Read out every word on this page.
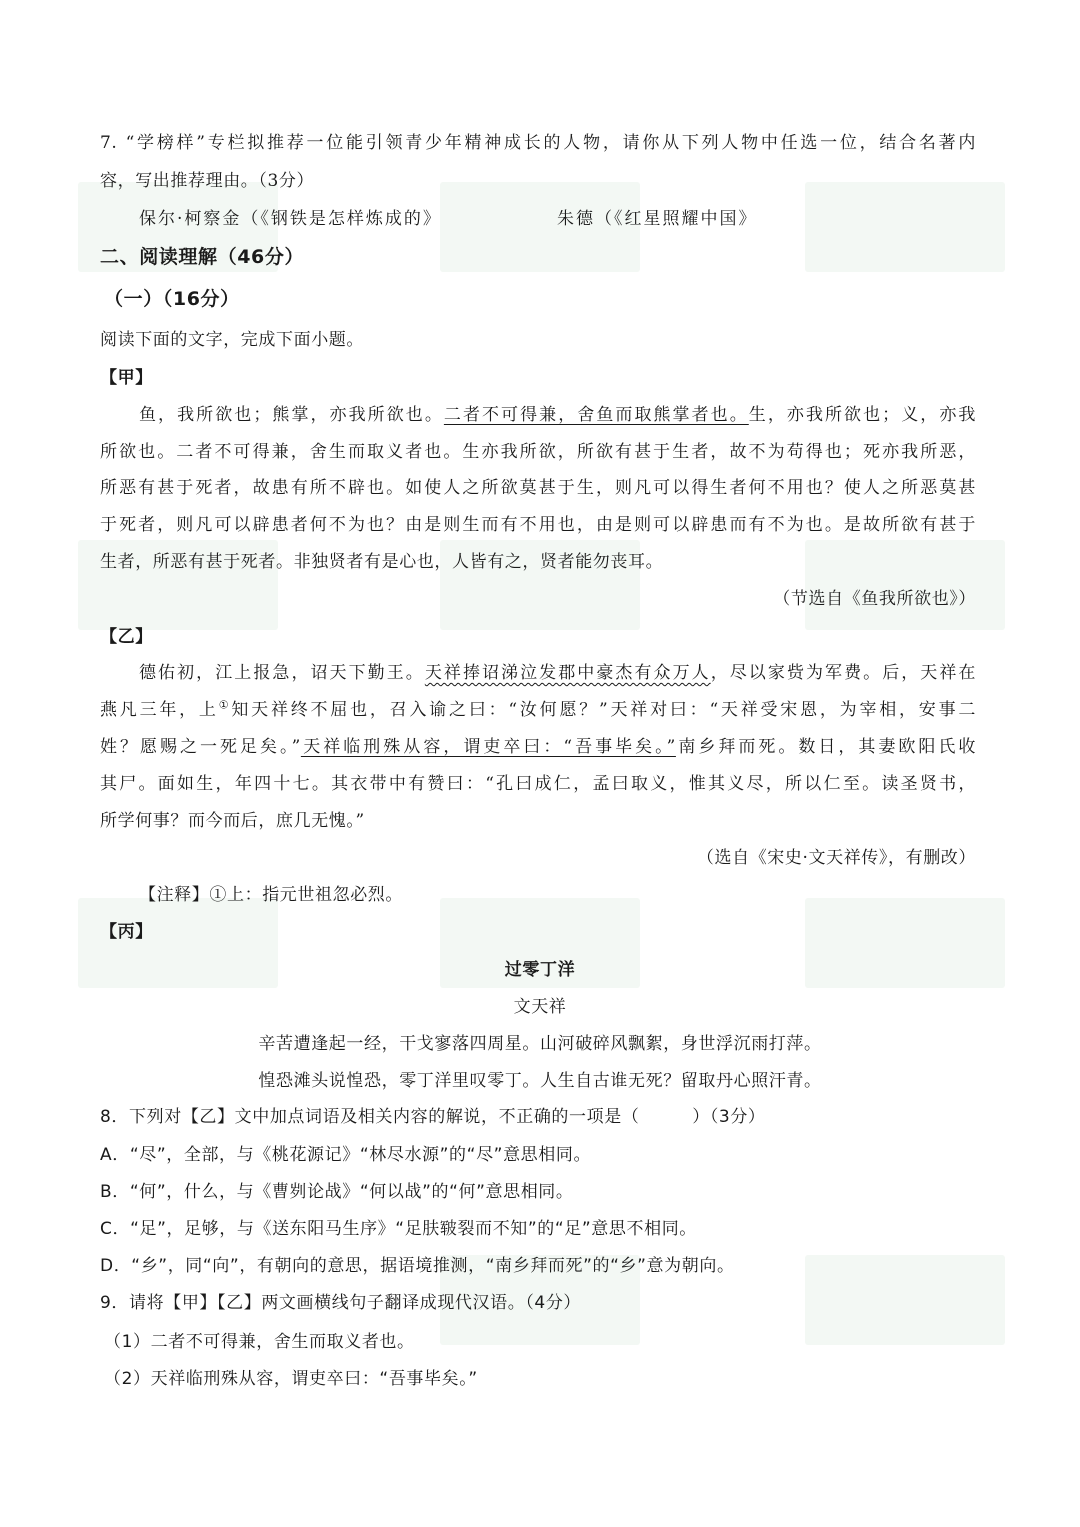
7. “学榜样”专栏拟推荐一位能引领青少年精神成长的人物，请你从下列人物中任选一位，结合名著内
容，写出推荐理由。（3分）
保尔·柯察金（《钢铁是怎样炼成的》	朱德（《红星照耀中国》
二、阅读理解（46分）
（一）（16分）
阅读下面的文字，完成下面小题。
【甲】
鱼，我所欲也；熊掌，亦我所欲也。二者不可得兼，舍鱼而取熊掌者也。生，亦我所欲也；义，亦我
所欲也。二者不可得兼，舍生而取义者也。生亦我所欲，所欲有甚于生者，故不为苟得也；死亦我所恶，
所恶有甚于死者，故患有所不辟也。如使人之所欲莫甚于生，则凡可以得生者何不用也？使人之所恶莫甚
于死者，则凡可以辟患者何不为也？由是则生而有不用也，由是则可以辟患而有不为也。是故所欲有甚于
生者，所恶有甚于死者。非独贤者有是心也，人皆有之，贤者能勿丧耳。
（节选自《鱼我所欲也》）
【乙】
德佑初，江上报急，诏天下勤王。天祥捧诏涕泣发郡中豪杰有众万人，尽以家赀为军费。后，天祥在
燕凡三年，上①知天祥终不屈也，召入谕之曰：“汝何愿？”天祥对曰：“天祥受宋恩，为宰相，安事二
姓？愿赐之一死足矣。”天祥临刑殊从容，谓吏卒曰：“吾事毕矣。”南乡拜而死。数日，其妻欧阳氏收
其尸。面如生，年四十七。其衣带中有赞曰：“孔曰成仁，孟曰取义，惟其义尽，所以仁至。读圣贤书，
所学何事？而今而后，庶几无愧。”
（选自《宋史·文天祥传》，有删改）
【注释】①上：指元世祖忽必烈。
【丙】
过零丁洋
文天祥
辛苦遭逢起一经，干戈寥落四周星。山河破碎风飘絮，身世浮沉雨打萍。
惶恐滩头说惶恐，零丁洋里叹零丁。人生自古谁无死？留取丹心照汗青。
8．下列对【乙】文中加点词语及相关内容的解说，不正确的一项是（　　　）（3分）
A．“尽”，全部，与《桃花源记》“林尽水源”的“尽”意思相同。
B．“何”，什么，与《曹刿论战》“何以战”的“何”意思相同。
C．“足”，足够，与《送东阳马生序》“足肤皲裂而不知”的“足”意思不相同。
D．“乡”，同“向”，有朝向的意思，据语境推测，“南乡拜而死”的“乡”意为朝向。
9．请将【甲】【乙】两文画横线句子翻译成现代汉语。（4分）
（1）二者不可得兼，舍生而取义者也。
（2）天祥临刑殊从容，谓吏卒曰：“吾事毕矣。”
